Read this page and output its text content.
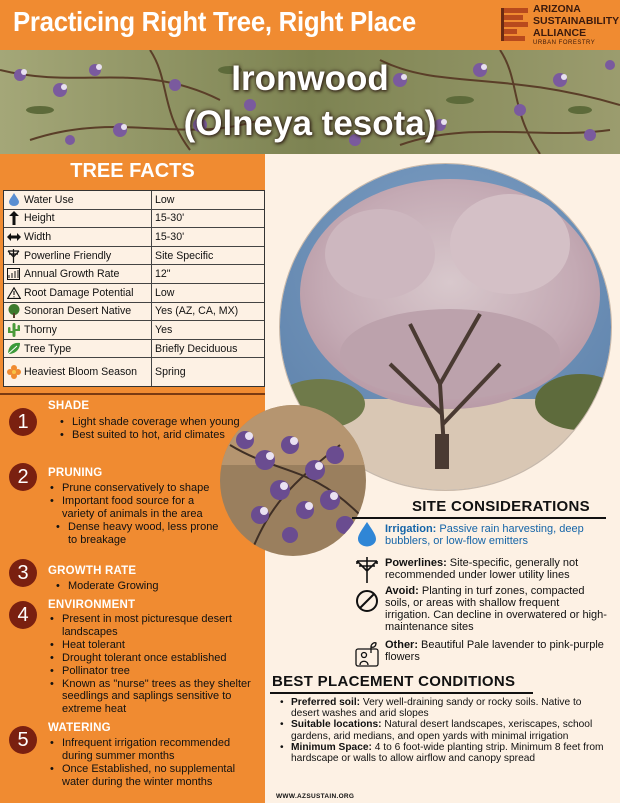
Practicing Right Tree, Right Place	ARIZONA
SUSTAINABILITY
ALLIANCE
URBAN FORESTRY
Ironwood
(Olneya tesota)
TREE FACTS
Water Use	Low
Height	15-30'
Width	15-30'
Powerline Friendly	Site Specific
Annual Growth Rate	12"
Root Damage Potential Low
Sonoran Desert Native Yes (AZ, CA, MX)
Thorny	Yes
Tree Type	Briefly Deciduous
Heaviest Bloom Season Spring
1
SHADE
• Light shade coverage when young
• Best suited to hot, arid climates
2	PRUNING
• Prune conservatively to shape
• Important food source for a variety of animals in the area
• Dense heavy wood, less prone to breakage
3	GROWTH RATE
• Moderate Growing
4	ENVIRONMENT
• Present in most picturesque desert landscapes
• Heat tolerant
• Drought tolerant once established
• Pollinator tree
• Known as "nurse" trees as they shelter seedlings and saplings sensitive to extreme heat
5
WATERING
• Infrequent irrigation recommended during summer months
• Once Established, no supplemental water during the winter months
SITE CONSIDERATIONS
Irrigation: Passive rain harvesting, deep bubblers, or low-flow emitters
Powerlines: Site-specific, generally not recommended under lower utility lines
Avoid: Planting in turf zones, compacted soils, or areas with shallow frequent irrigation. Can decline in overwatered or high-maintenance sites
Other: Beautiful Pale lavender to pink-purple flowers
BEST PLACEMENT CONDITIONS
• Preferred soil: Very well-draining sandy or rocky soils. Native to desert washes and arid slopes
• Suitable locations: Natural desert landscapes, xeriscapes, school gardens, arid medians, and open yards with minimal irrigation
• Minimum Space: 4 to 6 foot-wide planting strip. Minimum 8 feet from hardscape or walls to allow airflow and canopy spread
WWW.AZSUSTAIN.ORG
